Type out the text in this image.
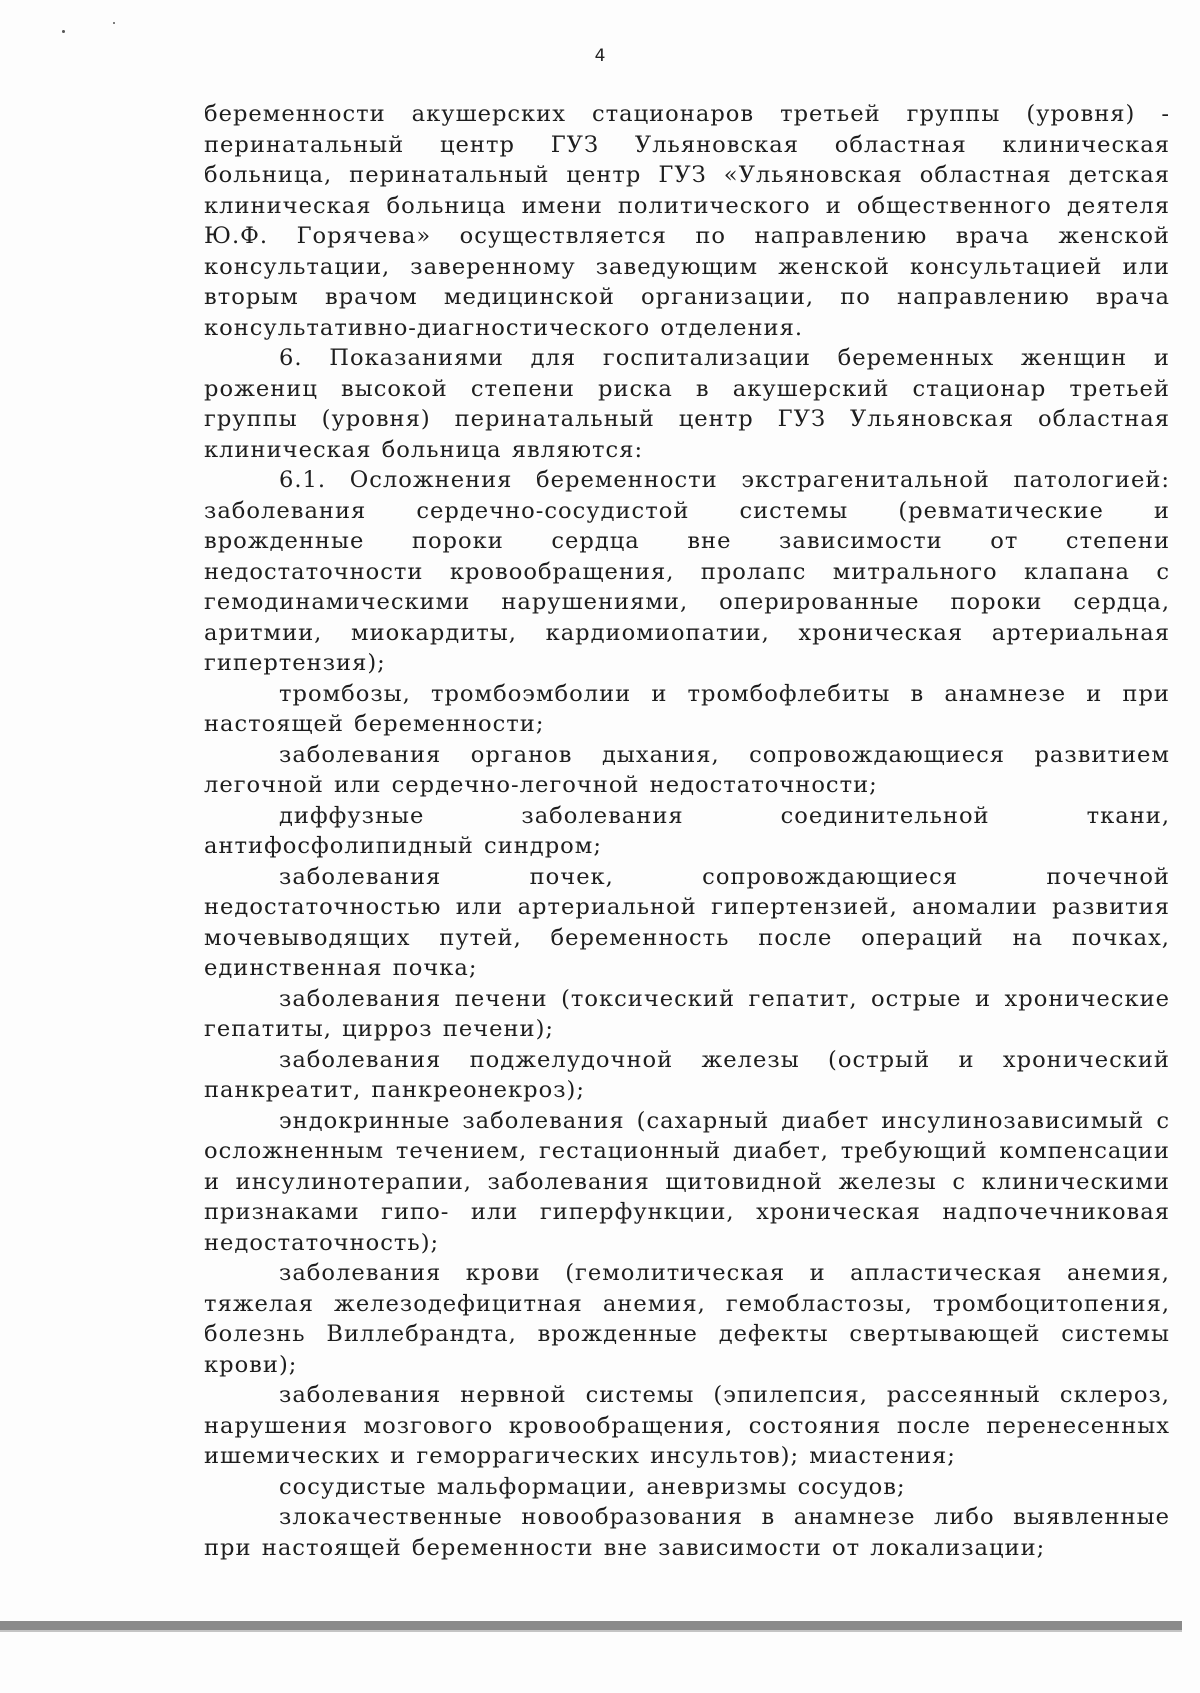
4

беременности акушерских стационаров третьей группы (уровня) - перинатальный центр ГУЗ Ульяновская областная клиническая больница, перинатальный центр ГУЗ «Ульяновская областная детская клиническая больница имени политического и общественного деятеля Ю.Ф. Горячева» осуществляется по направлению врача женской консультации, заверенному заведующим женской консультацией или вторым врачом медицинской организации, по направлению врача консультативно-диагностического отделения.

6. Показаниями для госпитализации беременных женщин и рожениц высокой степени риска в акушерский стационар третьей группы (уровня) перинатальный центр ГУЗ Ульяновская областная клиническая больница являются:

6.1. Осложнения беременности экстрагенитальной патологией: заболевания сердечно-сосудистой системы (ревматические и врожденные пороки сердца вне зависимости от степени недостаточности кровообращения, пролапс митрального клапана с гемодинамическими нарушениями, оперированные пороки сердца, аритмии, миокардиты, кардиомиопатии, хроническая артериальная гипертензия);

тромбозы, тромбоэмболии и тромбофлебиты в анамнезе и при настоящей беременности;

заболевания органов дыхания, сопровождающиеся развитием легочной или сердечно-легочной недостаточности;

диффузные заболевания соединительной ткани, антифосфолипидный синдром;

заболевания почек, сопровождающиеся почечной недостаточностью или артериальной гипертензией, аномалии развития мочевыводящих путей, беременность после операций на почках, единственная почка;

заболевания печени (токсический гепатит, острые и хронические гепатиты, цирроз печени);

заболевания поджелудочной железы (острый и хронический панкреатит, панкреонекроз);

эндокринные заболевания (сахарный диабет инсулинозависимый с осложненным течением, гестационный диабет, требующий компенсации и инсулинотерапии, заболевания щитовидной железы с клиническими признаками гипо- или гиперфункции, хроническая надпочечниковая недостаточность);

заболевания крови (гемолитическая и апластическая анемия, тяжелая железодефицитная анемия, гемобластозы, тромбоцитопения, болезнь Виллебрандта, врожденные дефекты свертывающей системы крови);

заболевания нервной системы (эпилепсия, рассеянный склероз, нарушения мозгового кровообращения, состояния после перенесенных ишемических и геморрагических инсультов); миастения;

сосудистые мальформации, аневризмы сосудов;

злокачественные новообразования в анамнезе либо выявленные при настоящей беременности вне зависимости от локализации;
